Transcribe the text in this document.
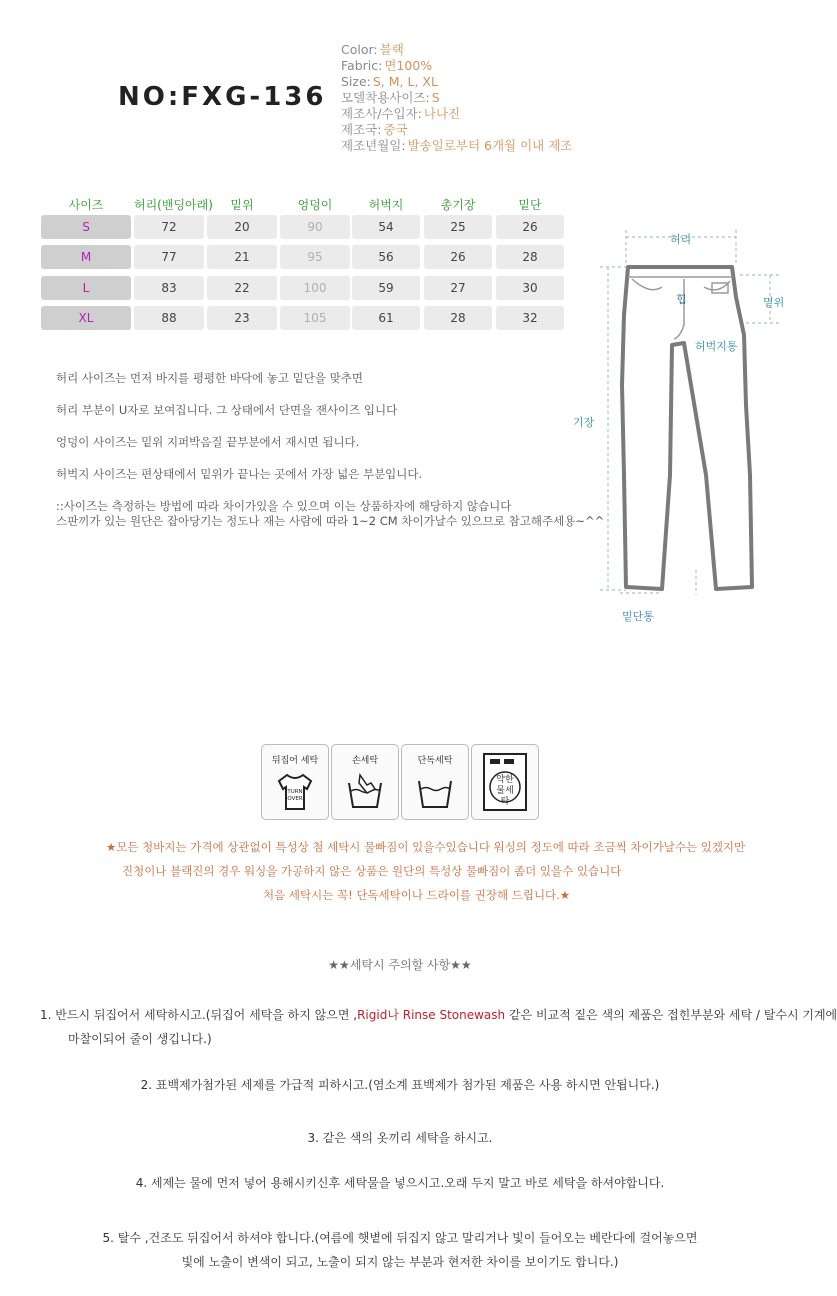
NO:FXG-136
Color: 블랙
Fabric: 면100%
Size: S, M, L, XL
모델착용사이즈: S
제조사/수입자: 나나진
제조국: 중국
제조년월일: 발송일로부터 6개월 이내 제조
사이즈	허리(밴딩아래)	밑위	엉덩이	허벅지	총기장	밑단
S	72	20	90	54	25	26
M	77	21	95	56	26	28
L	83	22	100	59	27	30
XL	88	23	105	61	28	32
허리 사이즈는 먼저 바지를 평평한 바닥에 놓고 밑단을 맞추면
허리 부분이 U자로 보여집니다. 그 상태에서 단면을 잰사이즈 입니다
엉덩이 사이즈는 밑위 지퍼박음질 끝부분에서 재시면 됩니다.
허벅지 사이즈는 편상태에서 밑위가 끝나는 곳에서 가장 넓은 부분입니다.
::사이즈는 측정하는 방법에 따라 차이가있을 수 있으며 이는 상품하자에 해당하지 않습니다
스판끼가 있는 원단은 잡아당기는 정도나 재는 사람에 따라 1~2 CM 차이가날수 있으므로 참고해주세용~^^
허리
밑위
힙
허벅지통
기장
밑단통
뒤집어 세탁
TURN OVER
손세탁	단독세탁
약한 물세탁
★모든 청바지는 가격에 상관없이 특성상 첨 세탁시 물빠짐이 있을수있습니다 워싱의 정도에 따라 조금씩 차이가날수는 있겠지만
진청이나 블랙진의 경우 워싱을 가공하지 않은 상품은 원단의 특성상 물빠짐이 좀더 있을수 있습니다
처음 세탁시는 꼭! 단독세탁이나 드라이를 권장해 드립니다.★
★★세탁시 주의할 사항★★
1. 반드시 뒤집어서 세탁하시고.(뒤집어 세탁을 하지 않으면 ,Rigid나 Rinse Stonewash 같은 비교적 짙은 색의 제품은 접힌부분와 세탁 / 탈수시 기계에
마찰이되어 줄이 생깁니다.)
2. 표백제가첨가된 세제를 가급적 피하시고.(염소계 표백제가 첨가된 제품은 사용 하시면 안됩니다.)
3. 같은 색의 옷끼리 세탁을 하시고.
4. 세제는 물에 먼저 넣어 용해시키신후 세탁물을 넣으시고.오래 두지 말고 바로 세탁을 하셔야합니다.
5. 탈수 ,건조도 뒤집어서 하셔야 합니다.(여름에 햇볕에 뒤집지 않고 말리거나 빛이 들어오는 베란다에 걸어놓으면
빛에 노출이 변색이 되고, 노출이 되지 않는 부분과 현저한 차이를 보이기도 합니다.)
